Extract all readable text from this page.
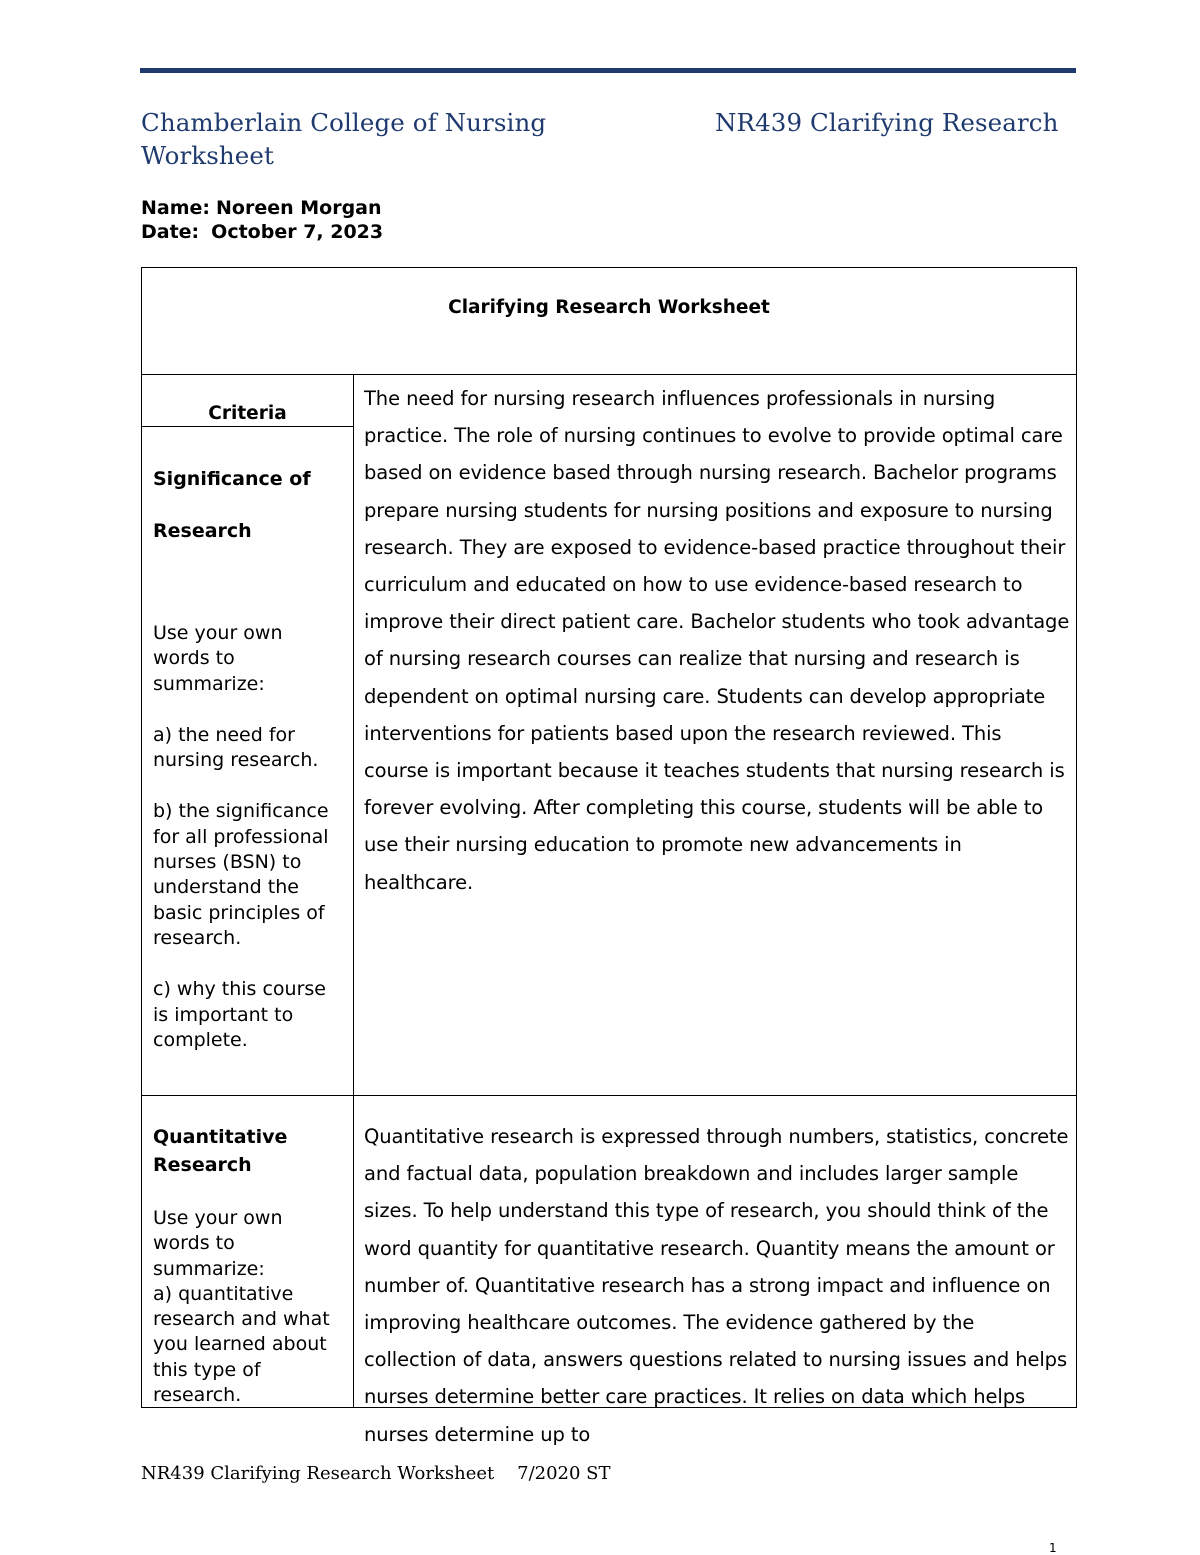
Chamberlain College of Nursing	NR439 Clarifying Research
Worksheet
Name: Noreen Morgan
Date: October 7, 2023
Clarifying Research Worksheet
Criteria
Significance of
Research

Use your own words to summarize:

a) the need for nursing research.

b) the significance for all professional nurses (BSN) to understand the basic principles of research.

c) why this course is important to complete.

The need for nursing research influences professionals in nursing practice. The role of nursing continues to evolve to provide optimal care based on evidence based through nursing research. Bachelor programs prepare nursing students for nursing positions and exposure to nursing research. They are exposed to evidence-based practice throughout their curriculum and educated on how to use evidence-based research to improve their direct patient care. Bachelor students who took advantage of nursing research courses can realize that nursing and research is dependent on optimal nursing care. Students can develop appropriate interventions for patients based upon the research reviewed. This course is important because it teaches students that nursing research is forever evolving. After completing this course, students will be able to use their nursing education to promote new advancements in healthcare.
Quantitative
Research

Use your own words to summarize:

a) quantitative research and what you learned about this type of research.

Quantitative research is expressed through numbers, statistics, concrete and factual data, population breakdown and includes larger sample sizes. To help understand this type of research, you should think of the word quantity for quantitative research. Quantity means the amount or number of. Quantitative research has a strong impact and influence on improving healthcare outcomes. The evidence gathered by the collection of data, answers questions related to nursing issues and helps nurses determine better care practices. It relies on data which helps nurses determine up to
NR439 Clarifying Research Worksheet    7/2020 ST
1
